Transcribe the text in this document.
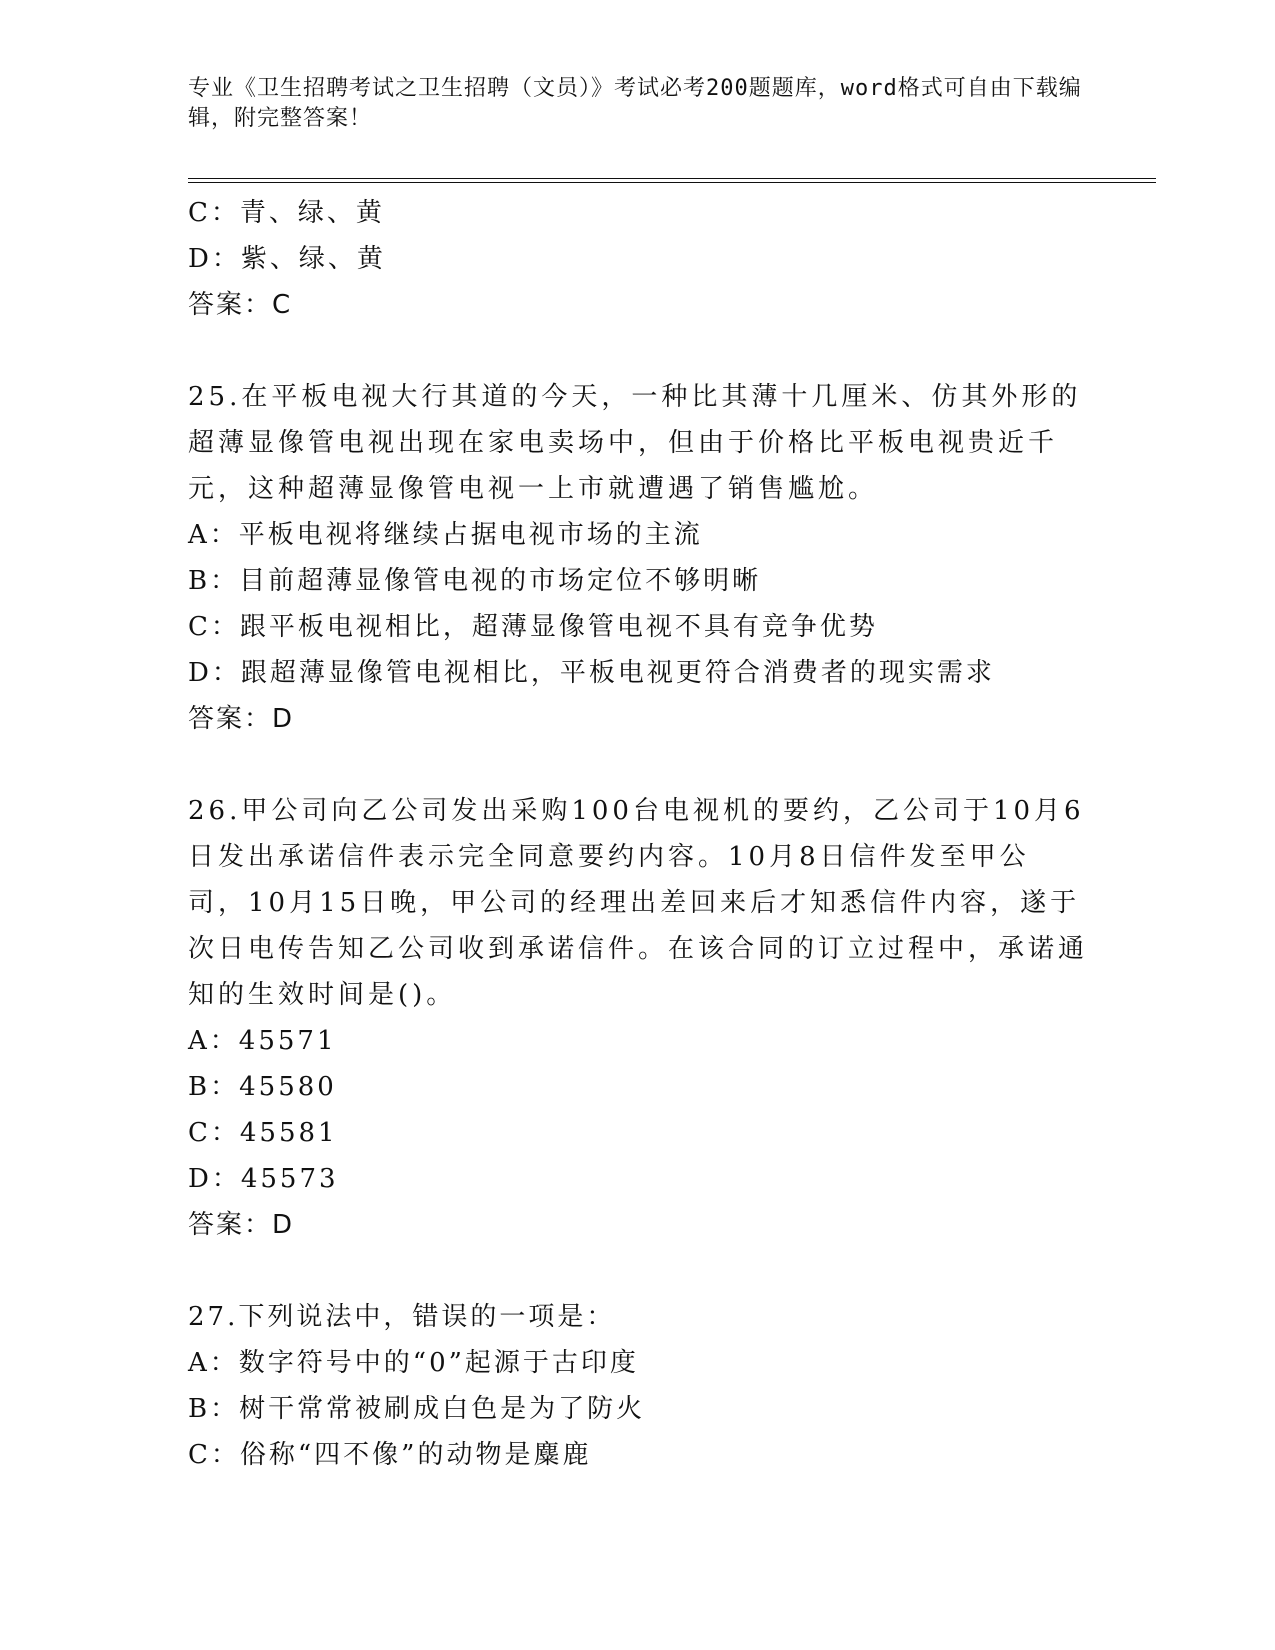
专业《卫生招聘考试之卫生招聘（文员）》考试必考200题题库，word格式可自由下载编辑，附完整答案！
C：青、绿、黄
D：紫、绿、黄
答案：C
25.在平板电视大行其道的今天，一种比其薄十几厘米、仿其外形的超薄显像管电视出现在家电卖场中，但由于价格比平板电视贵近千元，这种超薄显像管电视一上市就遭遇了销售尴尬。
A：平板电视将继续占据电视市场的主流
B：目前超薄显像管电视的市场定位不够明晰
C：跟平板电视相比，超薄显像管电视不具有竞争优势
D：跟超薄显像管电视相比，平板电视更符合消费者的现实需求
答案：D
26.甲公司向乙公司发出采购100台电视机的要约，乙公司于10月6日发出承诺信件表示完全同意要约内容。10月8日信件发至甲公司，10月15日晚，甲公司的经理出差回来后才知悉信件内容，遂于次日电传告知乙公司收到承诺信件。在该合同的订立过程中，承诺通知的生效时间是()。
A：45571
B：45580
C：45581
D：45573
答案：D
27.下列说法中，错误的一项是：
A：数字符号中的“0”起源于古印度
B：树干常常被刷成白色是为了防火
C：俗称“四不像”的动物是麋鹿
